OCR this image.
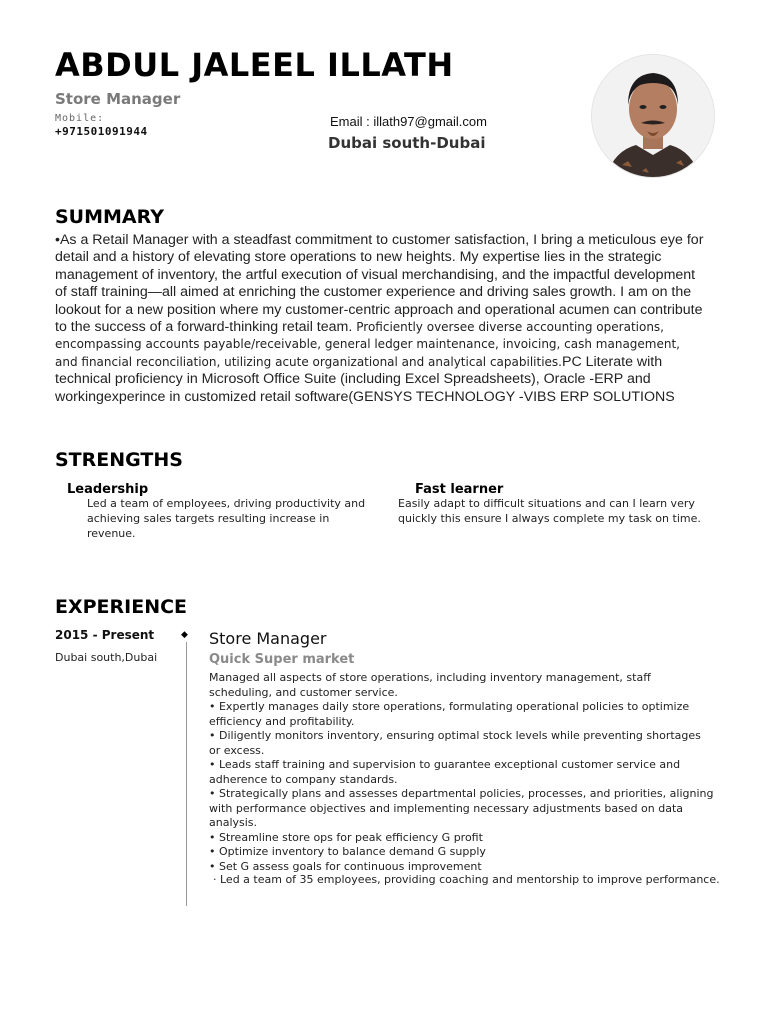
ABDUL JALEEL ILLATH
Store Manager
Mobile:
+971501091944
Email : illath97@gmail.com
Dubai south-Dubai
SUMMARY
•As a Retail Manager with a steadfast commitment to customer satisfaction, I bring a meticulous eye for detail and a history of elevating store operations to new heights. My expertise lies in the strategic management of inventory, the artful execution of visual merchandising, and the impactful development of staff training—all aimed at enriching the customer experience and driving sales growth. I am on the lookout for a new position where my customer-centric approach and operational acumen can contribute to the success of a forward-thinking retail team. Proficiently oversee diverse accounting operations, encompassing accounts payable/receivable, general ledger maintenance, invoicing, cash management, and financial reconciliation, utilizing acute organizational and analytical capabilities.PC Literate with technical proficiency in Microsoft Office Suite (including Excel Spreadsheets), Oracle -ERP and workingexperince in customized retail software(GENSYS TECHNOLOGY -VIBS ERP SOLUTIONS
STRENGTHS
Leadership
Led a team of employees, driving productivity and achieving sales targets resulting increase in revenue.
Fast learner
Easily adapt to difficult situations and can I learn very quickly this ensure I always complete my task on time.
EXPERIENCE
2015 - Present
Dubai south,Dubai
◆ Store Manager
Quick Super market
Managed all aspects of store operations, including inventory management, staff scheduling, and customer service.
• Expertly manages daily store operations, formulating operational policies to optimize efficiency and profitability.
• Diligently monitors inventory, ensuring optimal stock levels while preventing shortages or excess.
• Leads staff training and supervision to guarantee exceptional customer service and adherence to company standards.
• Strategically plans and assesses departmental policies, processes, and priorities, aligning with performance objectives and implementing necessary adjustments based on data analysis.
• Streamline store ops for peak efficiency G profit
• Optimize inventory to balance demand G supply
• Set G assess goals for continuous improvement
· Led a team of 35 employees, providing coaching and mentorship to improve performance.
